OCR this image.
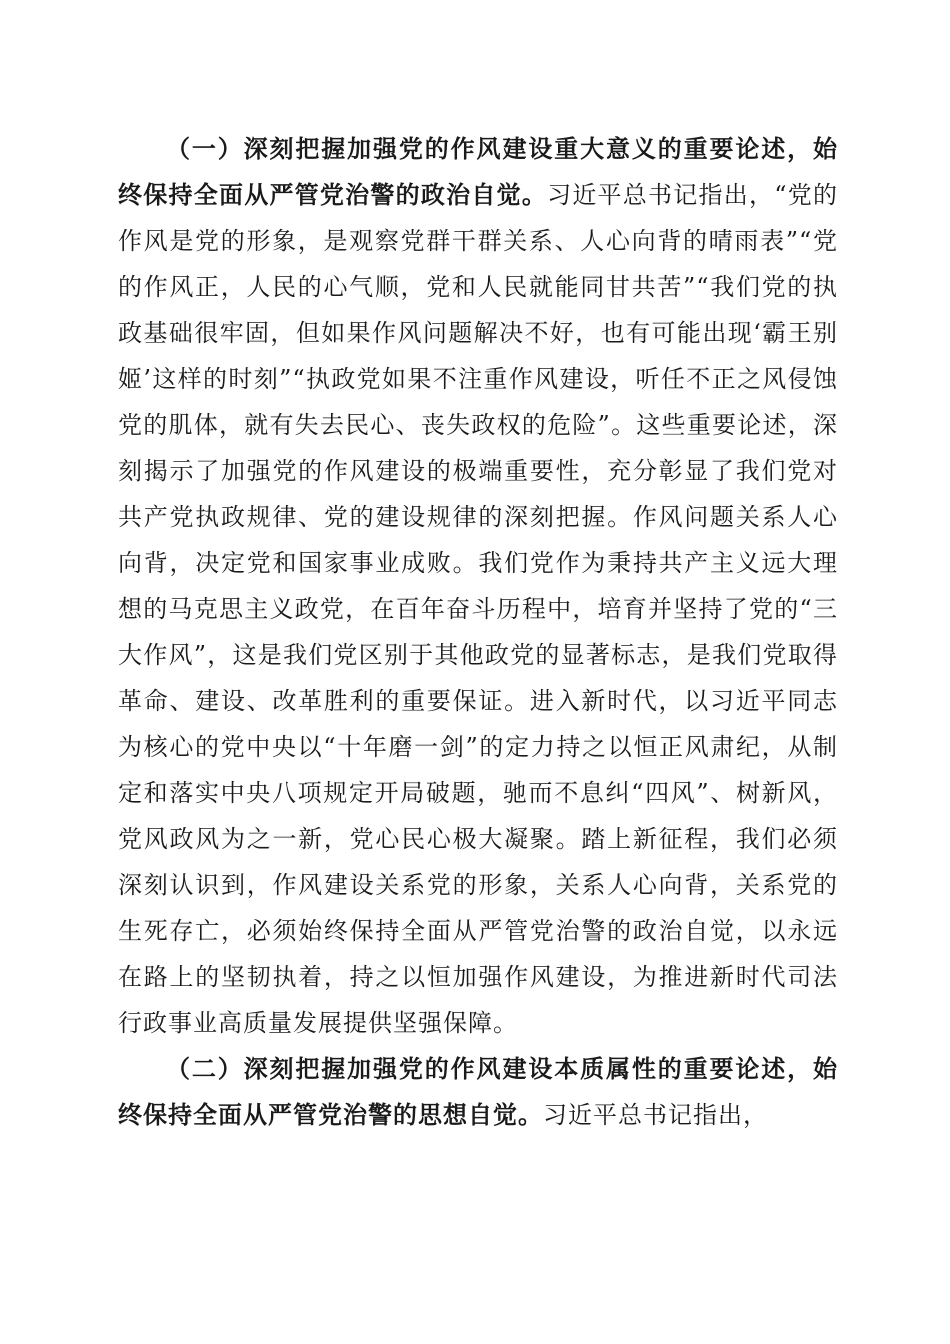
（一）深刻把握加强党的作风建设重大意义的重要论述，始终保持全面从严管党治警的政治自觉。习近平总书记指出，“党的作风是党的形象，是观察党群干群关系、人心向背的晴雨表”“党的作风正，人民的心气顺，党和人民就能同甘共苦”“我们党的执政基础很牢固，但如果作风问题解决不好，也有可能出现‘霸王别姬’这样的时刻”“执政党如果不注重作风建设，听任不正之风侵蚀党的肌体，就有失去民心、丧失政权的危险”。这些重要论述，深刻揭示了加强党的作风建设的极端重要性，充分彰显了我们党对共产党执政规律、党的建设规律的深刻把握。作风问题关系人心向背，决定党和国家事业成败。我们党作为秉持共产主义远大理想的马克思主义政党，在百年奋斗历程中，培育并坚持了党的“三大作风”，这是我们党区别于其他政党的显著标志，是我们党取得革命、建设、改革胜利的重要保证。进入新时代，以习近平同志为核心的党中央以“十年磨一剑”的定力持之以恒正风肃纪，从制定和落实中央八项规定开局破题，驰而不息纠“四风”、树新风，党风政风为之一新，党心民心极大凝聚。踏上新征程，我们必须深刻认识到，作风建设关系党的形象，关系人心向背，关系党的生死存亡，必须始终保持全面从严管党治警的政治自觉，以永远在路上的坚韧执着，持之以恒加强作风建设，为推进新时代司法行政事业高质量发展提供坚强保障。

（二）深刻把握加强党的作风建设本质属性的重要论述，始终保持全面从严管党治警的思想自觉。习近平总书记指出，
